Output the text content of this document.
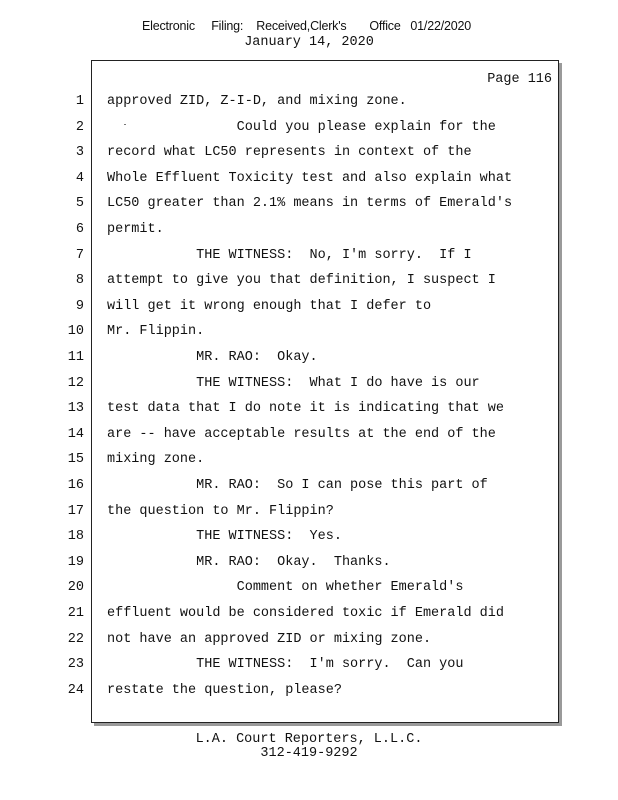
Electronic     Filing:    Received,Clerk's       Office   01/22/2020
January 14, 2020
1
2
3
4
5
6
7
8
9
10
11
12
13
14
15
16
17
18
19
20
21
22
23
24
Page 116
approved ZID, Z-I-D, and mixing zone.
Could you please explain for the
record what LC50 represents in context of the
Whole Effluent Toxicity test and also explain what
LC50 greater than 2.1% means in terms of Emerald's
permit.
THE WITNESS:  No, I'm sorry.  If I
attempt to give you that definition, I suspect I
will get it wrong enough that I defer to
Mr. Flippin.
MR. RAO:  Okay.
THE WITNESS:  What I do have is our
test data that I do note it is indicating that we
are -- have acceptable results at the end of the
mixing zone.
MR. RAO:  So I can pose this part of
the question to Mr. Flippin?
THE WITNESS:  Yes.
MR. RAO:  Okay.  Thanks.
Comment on whether Emerald's
effluent would be considered toxic if Emerald did
not have an approved ZID or mixing zone.
THE WITNESS:  I'm sorry.  Can you
restate the question, please?
L.A. Court Reporters, L.L.C.
312-419-9292
